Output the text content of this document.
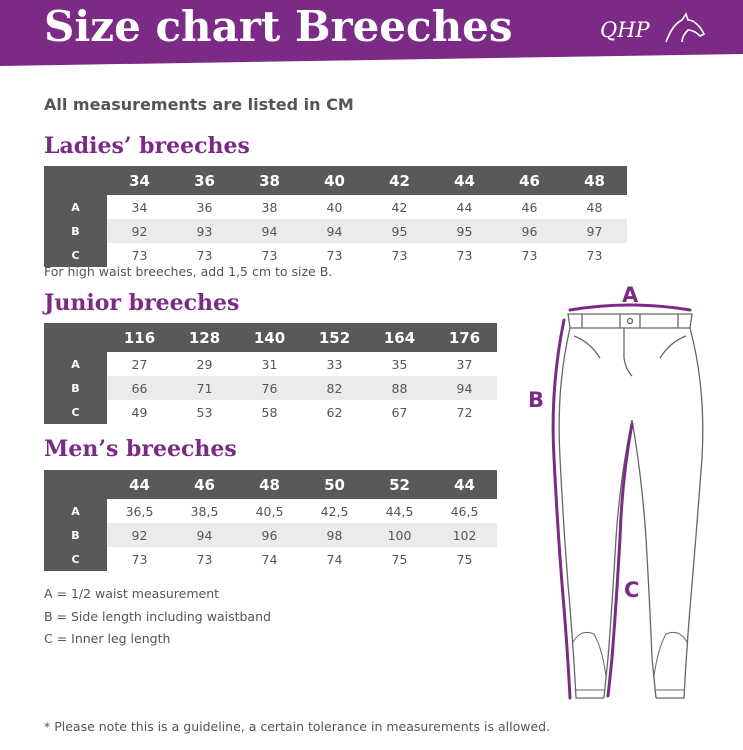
Size chart Breeches	QHP
All measurements are listed in CM
Ladies’ breeches
	34	36	38	40	42	44	46	48
A	34	36	38	40	42	44	46	48
B	92	93	94	94	95	95	96	97
C	73	73	73	73	73	73	73	73
For high waist breeches, add 1,5 cm to size B.
Junior breeches
	116	128	140	152	164	176
A	27	29	31	33	35	37
B	66	71	76	82	88	94
C	49	53	58	62	67	72
Men’s breeches
	44	46	48	50	52	44
A	36,5	38,5	40,5	42,5	44,5	46,5
B	92	94	96	98	100	102
C	73	73	74	74	75	75
A = 1/2 waist measurement
B = Side length including waistband
C = Inner leg length
* Please note this is a guideline, a certain tolerance in measurements is allowed.
A
B
C
